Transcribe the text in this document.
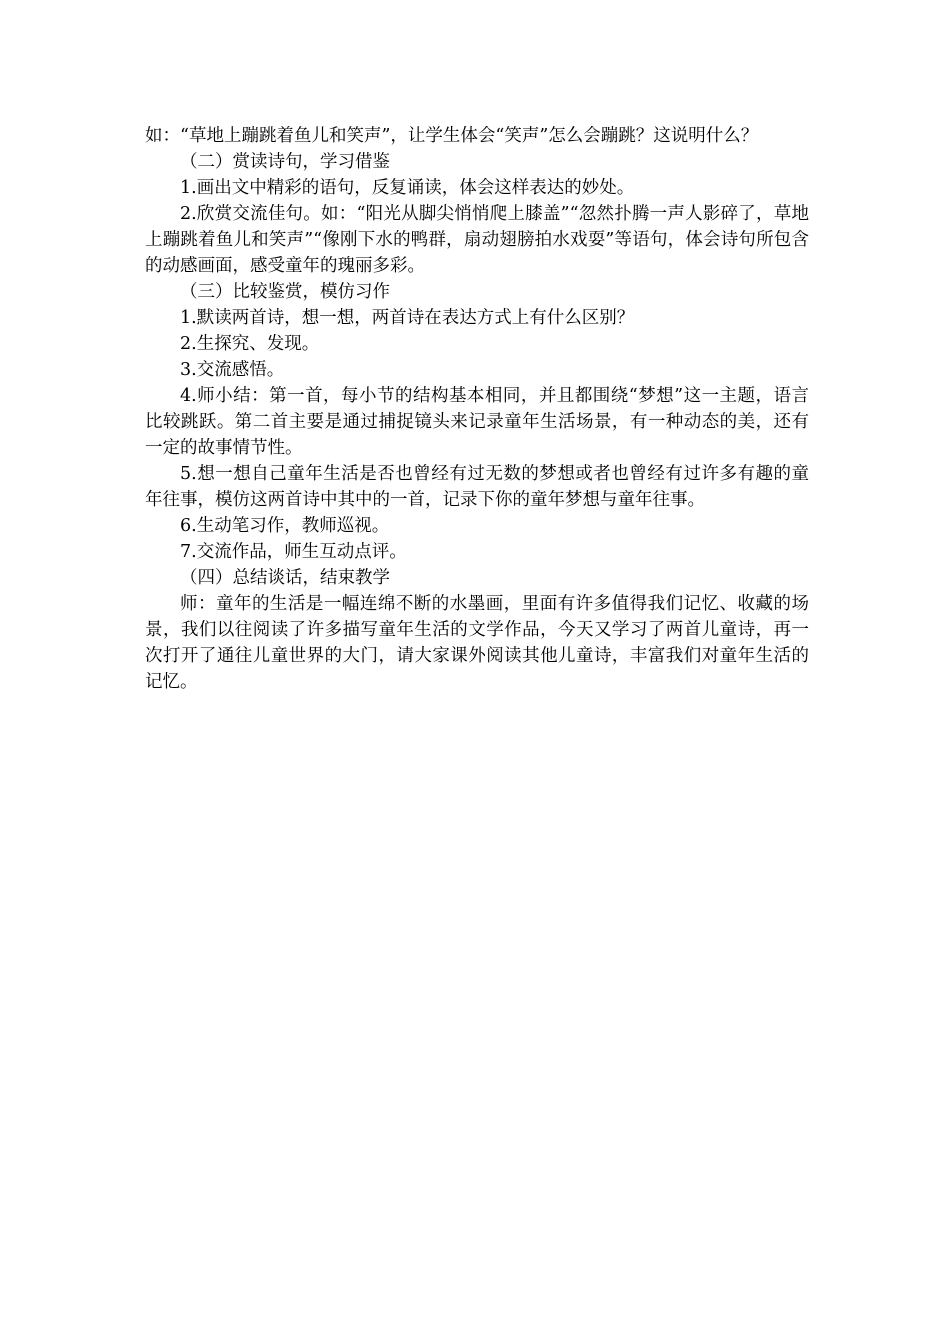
如：“草地上蹦跳着鱼儿和笑声”，让学生体会“笑声”怎么会蹦跳？这说明什么？

（二）赏读诗句，学习借鉴

1.画出文中精彩的语句，反复诵读，体会这样表达的妙处。

2.欣赏交流佳句。如：“阳光从脚尖悄悄爬上膝盖”“忽然扑腾一声人影碎了，草地上蹦跳着鱼儿和笑声”“像刚下水的鸭群，扇动翅膀拍水戏耍”等语句，体会诗句所包含的动感画面，感受童年的瑰丽多彩。

（三）比较鉴赏，模仿习作

1.默读两首诗，想一想，两首诗在表达方式上有什么区别？

2.生探究、发现。

3.交流感悟。

4.师小结：第一首，每小节的结构基本相同，并且都围绕“梦想”这一主题，语言比较跳跃。第二首主要是通过捕捉镜头来记录童年生活场景，有一种动态的美，还有一定的故事情节性。

5.想一想自己童年生活是否也曾经有过无数的梦想或者也曾经有过许多有趣的童年往事，模仿这两首诗中其中的一首，记录下你的童年梦想与童年往事。

6.生动笔习作，教师巡视。

7.交流作品，师生互动点评。

（四）总结谈话，结束教学

师：童年的生活是一幅连绵不断的水墨画，里面有许多值得我们记忆、收藏的场景，我们以往阅读了许多描写童年生活的文学作品，今天又学习了两首儿童诗，再一次打开了通往儿童世界的大门，请大家课外阅读其他儿童诗，丰富我们对童年生活的记忆。
